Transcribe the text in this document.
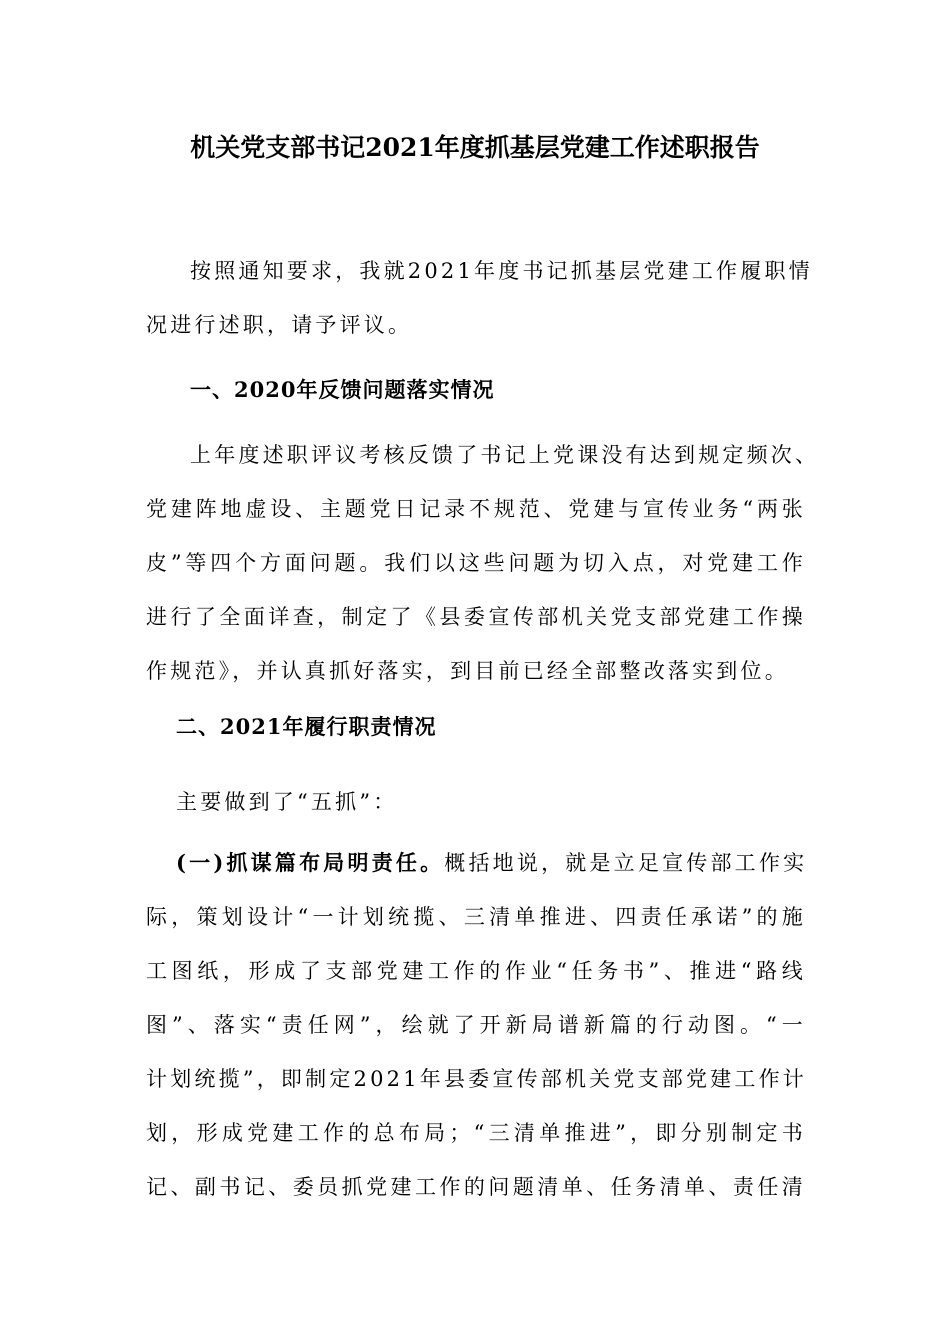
机关党支部书记2021年度抓基层党建工作述职报告
按照通知要求，我就2021年度书记抓基层党建工作履职情
况进行述职，请予评议。
一、2020年反馈问题落实情况
上年度述职评议考核反馈了书记上党课没有达到规定频次、
党建阵地虚设、主题党日记录不规范、党建与宣传业务“两张
皮”等四个方面问题。我们以这些问题为切入点，对党建工作
进行了全面详查，制定了《县委宣传部机关党支部党建工作操
作规范》，并认真抓好落实，到目前已经全部整改落实到位。
二、2021年履行职责情况
主要做到了“五抓”：
(一)抓谋篇布局明责任。概括地说，就是立足宣传部工作实
际，策划设计“一计划统揽、三清单推进、四责任承诺”的施
工图纸，形成了支部党建工作的作业“任务书”、推进“路线
图”、落实“责任网”，绘就了开新局谱新篇的行动图。“一
计划统揽”，即制定2021年县委宣传部机关党支部党建工作计
划，形成党建工作的总布局；“三清单推进”，即分别制定书
记、副书记、委员抓党建工作的问题清单、任务清单、责任清
